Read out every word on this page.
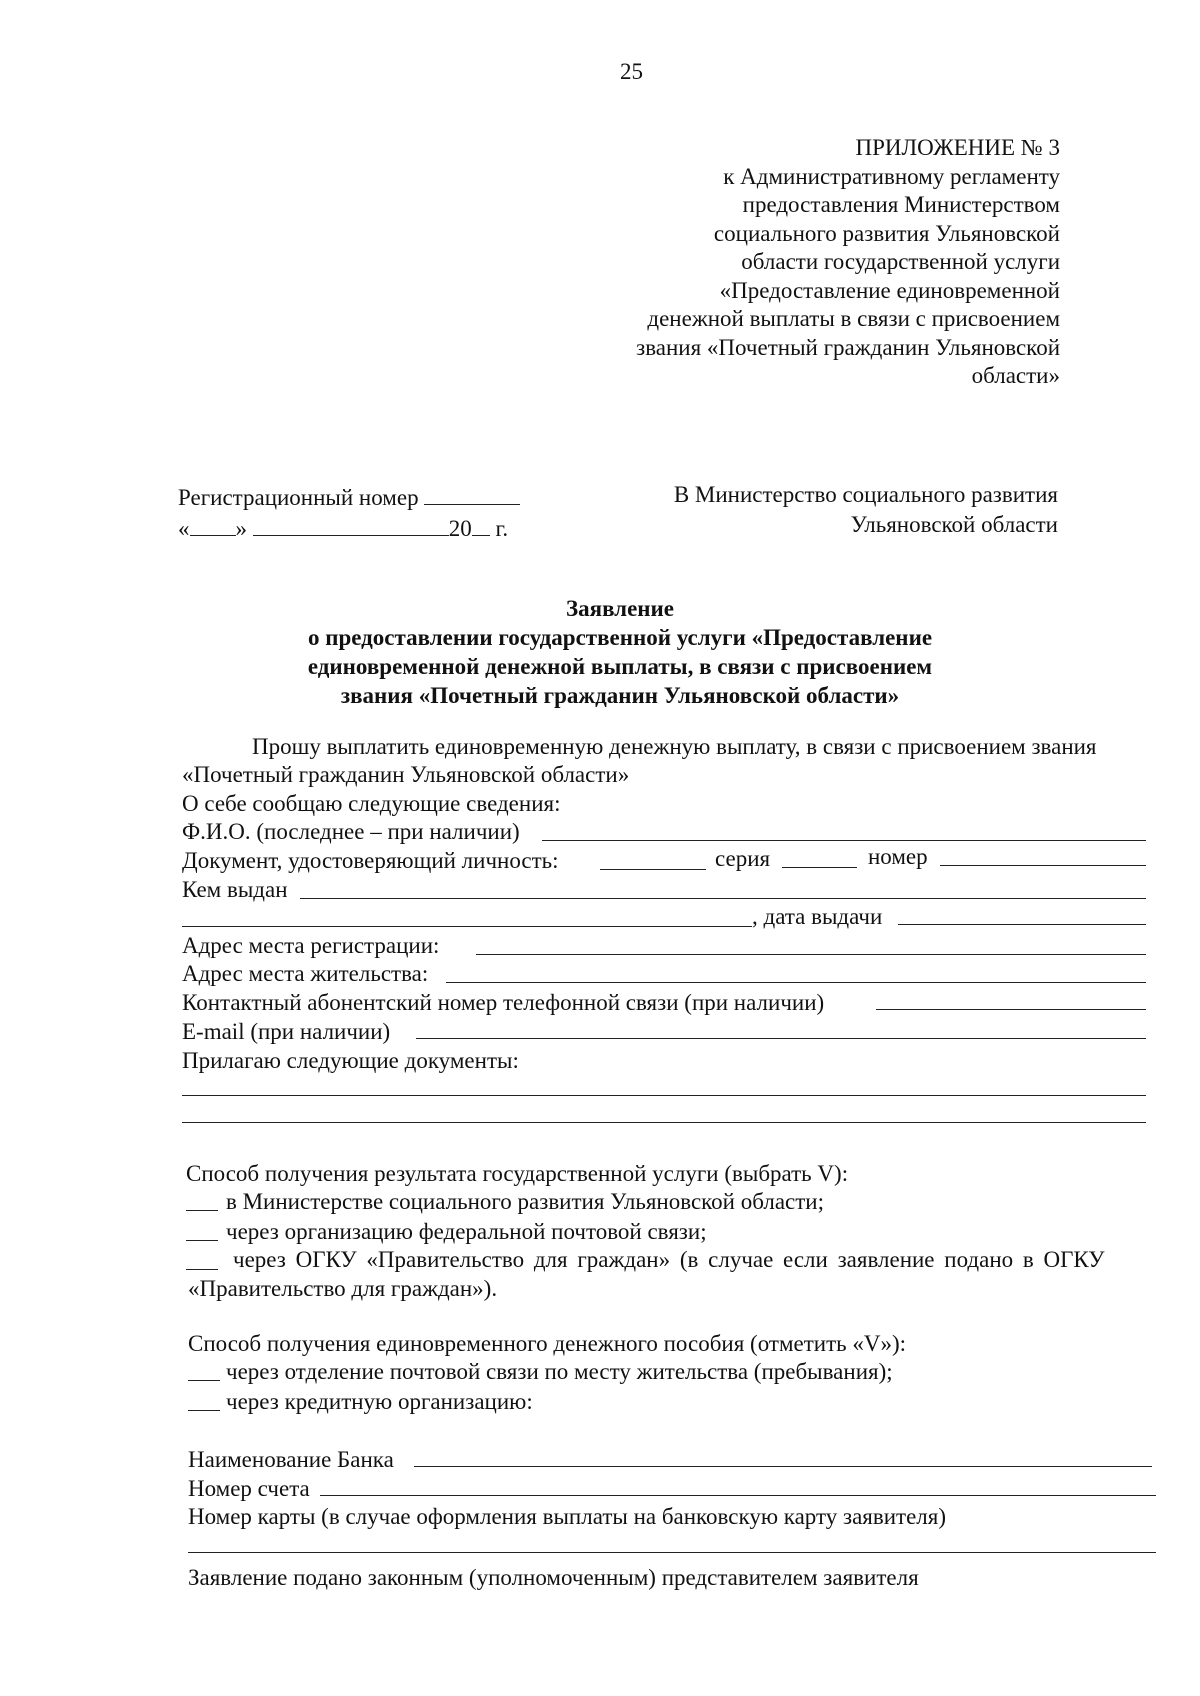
25
ПРИЛОЖЕНИЕ № 3
к Административному регламенту
предоставления Министерством
социального развития Ульяновской
области государственной услуги
«Предоставление единовременной
денежной выплаты в связи с присвоением
звания «Почетный гражданин Ульяновской
области»
Регистрационный номер
« »	20 г.
В Министерство социального развития
Ульяновской области
Заявление
о предоставлении государственной услуги «Предоставление
единовременной денежной выплаты, в связи с присвоением
звания «Почетный гражданин Ульяновской области»
Прошу выплатить единовременную денежную выплату, в связи с присвоением звания
«Почетный гражданин Ульяновской области»
О себе сообщаю следующие сведения:
Ф.И.О. (последнее – при наличии)
Документ, удостоверяющий личность:	серия	номер
Кем выдан
, дата выдачи
Адрес места регистрации:
Адрес места жительства:
Контактный абонентский номер телефонной связи (при наличии)
E-mail (при наличии)
Прилагаю следующие документы:
Способ получения результата государственной услуги (выбрать V):
в Министерстве социального развития Ульяновской области;
через организацию федеральной почтовой связи;
через ОГКУ «Правительство для граждан» (в случае если заявление подано в ОГКУ
«Правительство для граждан»).
Способ получения единовременного денежного пособия (отметить «V»):
через отделение почтовой связи по месту жительства (пребывания);
через кредитную организацию:
Наименование Банка
Номер счета
Номер карты (в случае оформления выплаты на банковскую карту заявителя)
Заявление подано законным (уполномоченным) представителем заявителя
